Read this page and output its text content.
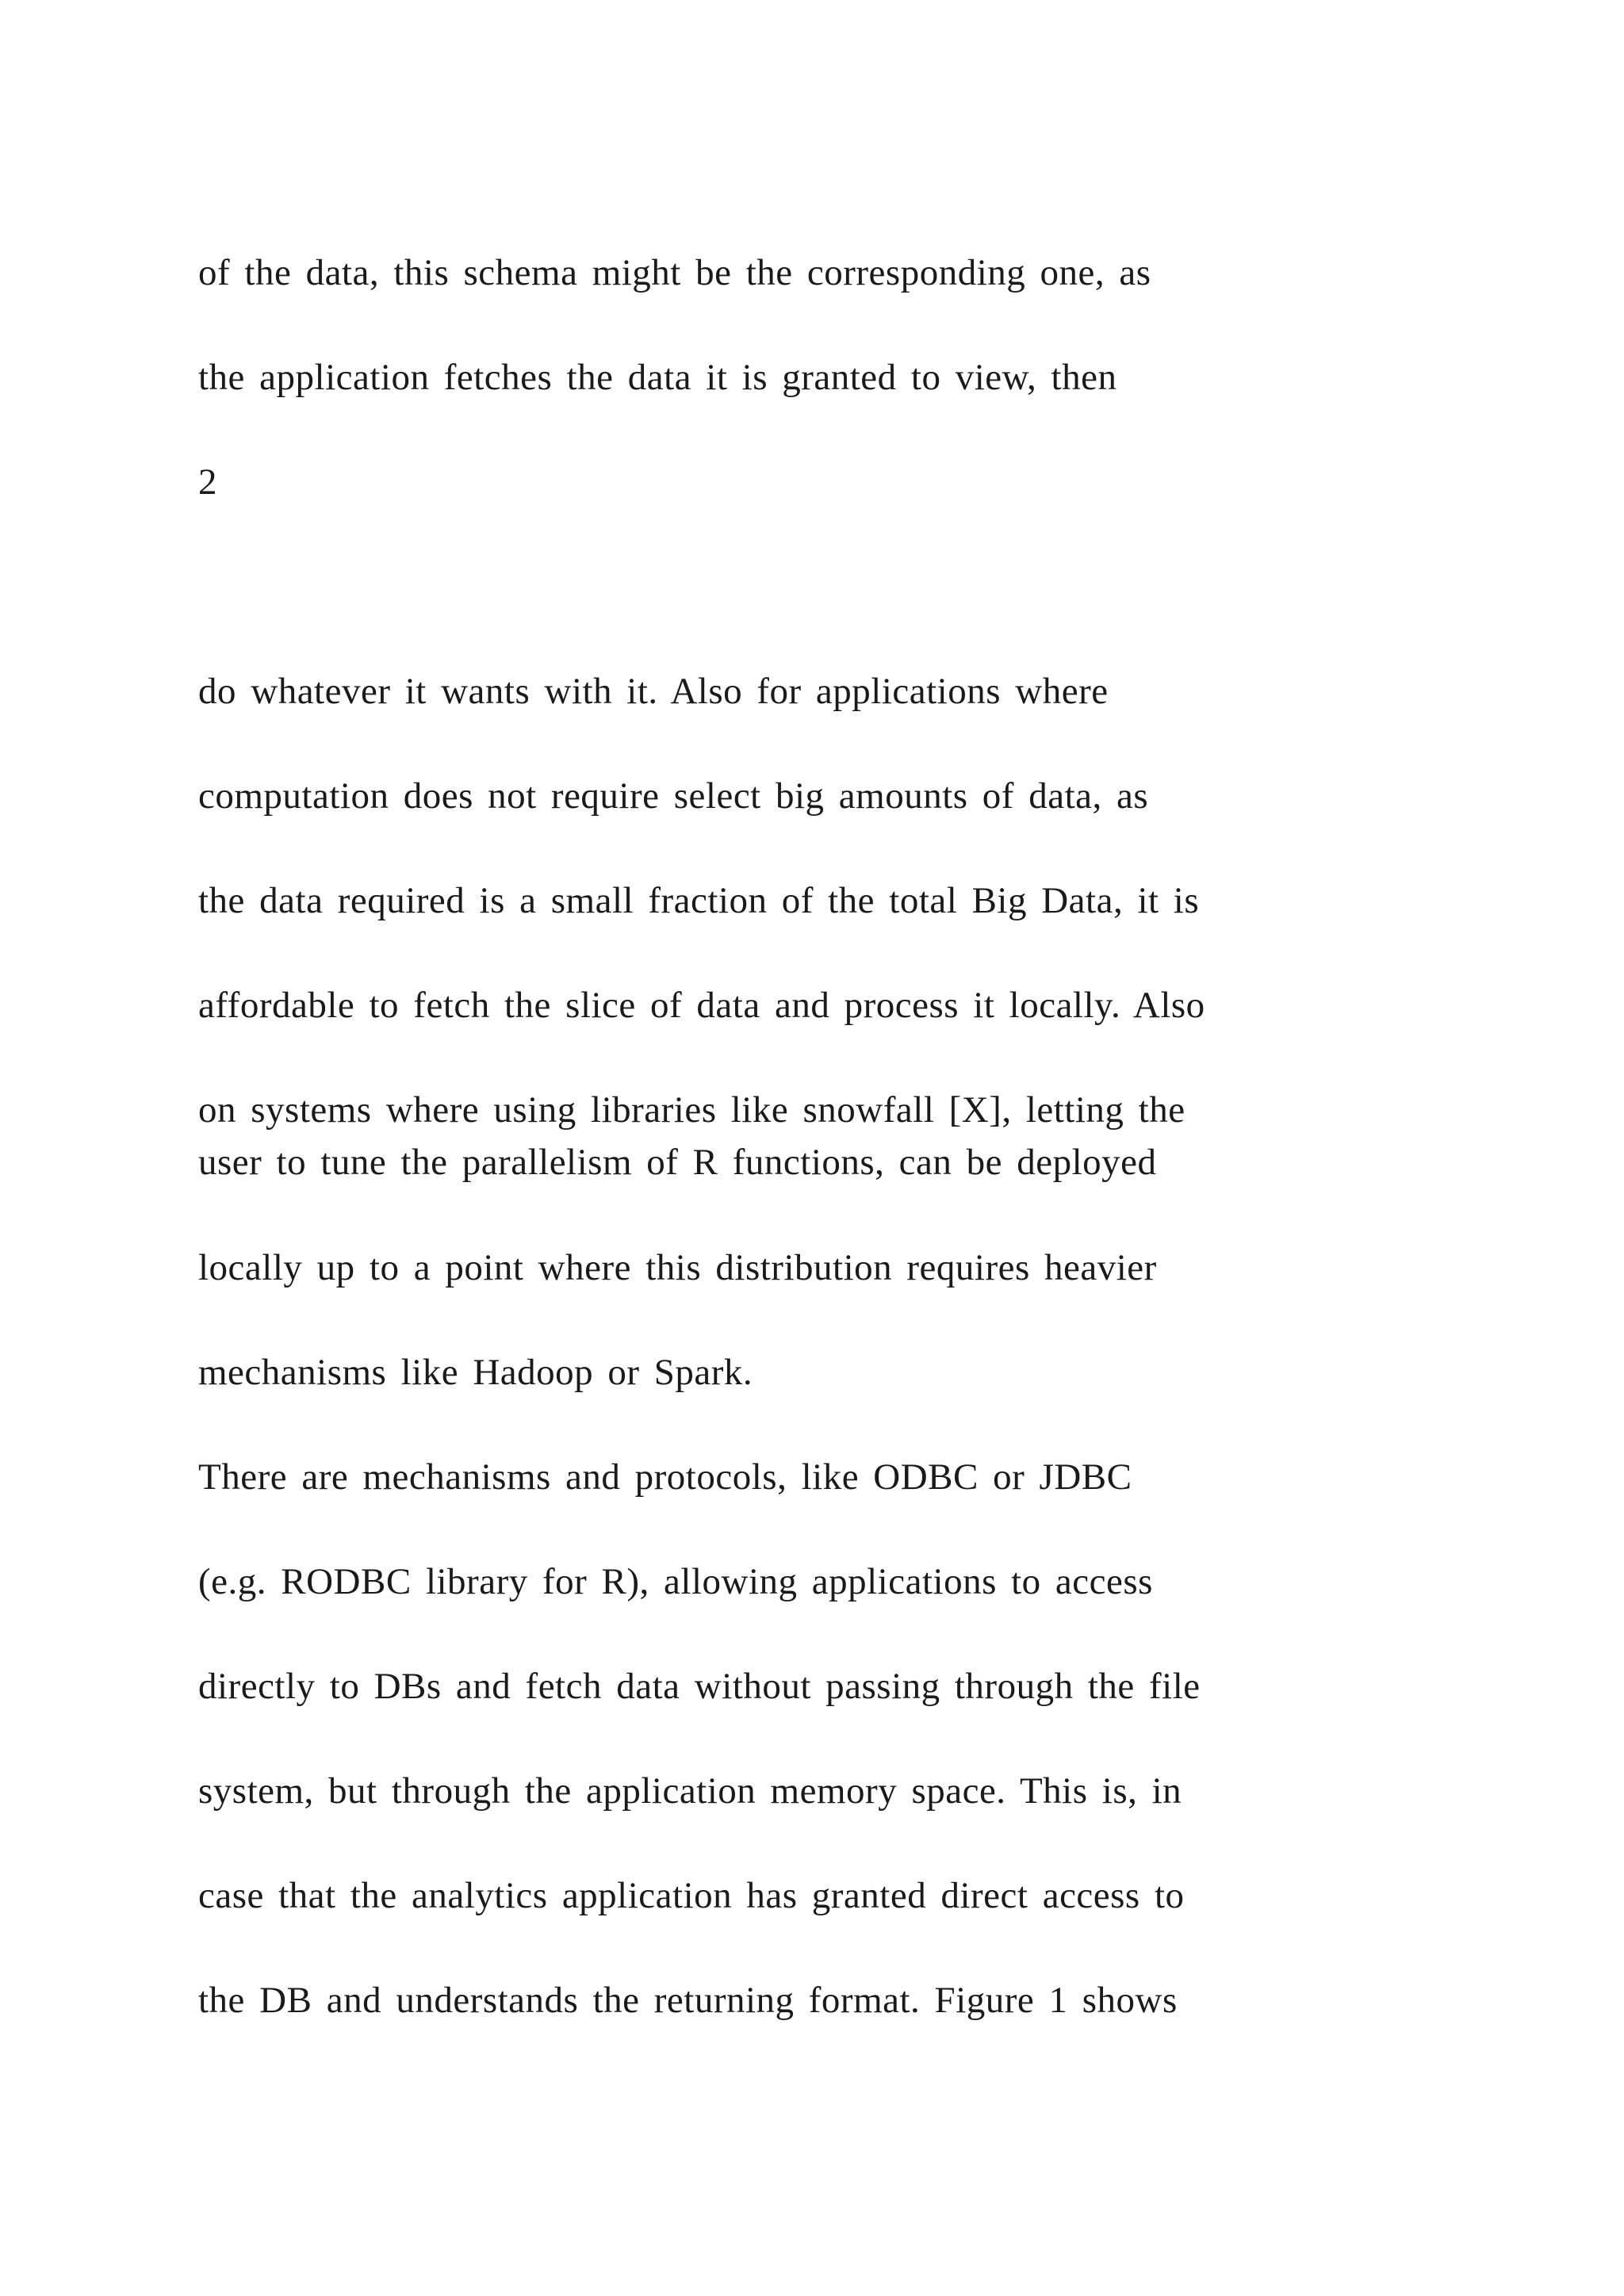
of the data, this schema might be the corresponding one, as
the application fetches the data it is granted to view, then
2
do whatever it wants with it. Also for applications where
computation does not require select big amounts of data, as
the data required is a small fraction of the total Big Data, it is
affordable to fetch the slice of data and process it locally. Also
on systems where using libraries like snowfall [X], letting the
user to tune the parallelism of R functions, can be deployed
locally up to a point where this distribution requires heavier
mechanisms like Hadoop or Spark.
There are mechanisms and protocols, like ODBC or JDBC
(e.g. RODBC library for R), allowing applications to access
directly to DBs and fetch data without passing through the file
system, but through the application memory space. This is, in
case that the analytics application has granted direct access to
the DB and understands the returning format. Figure 1 shows
